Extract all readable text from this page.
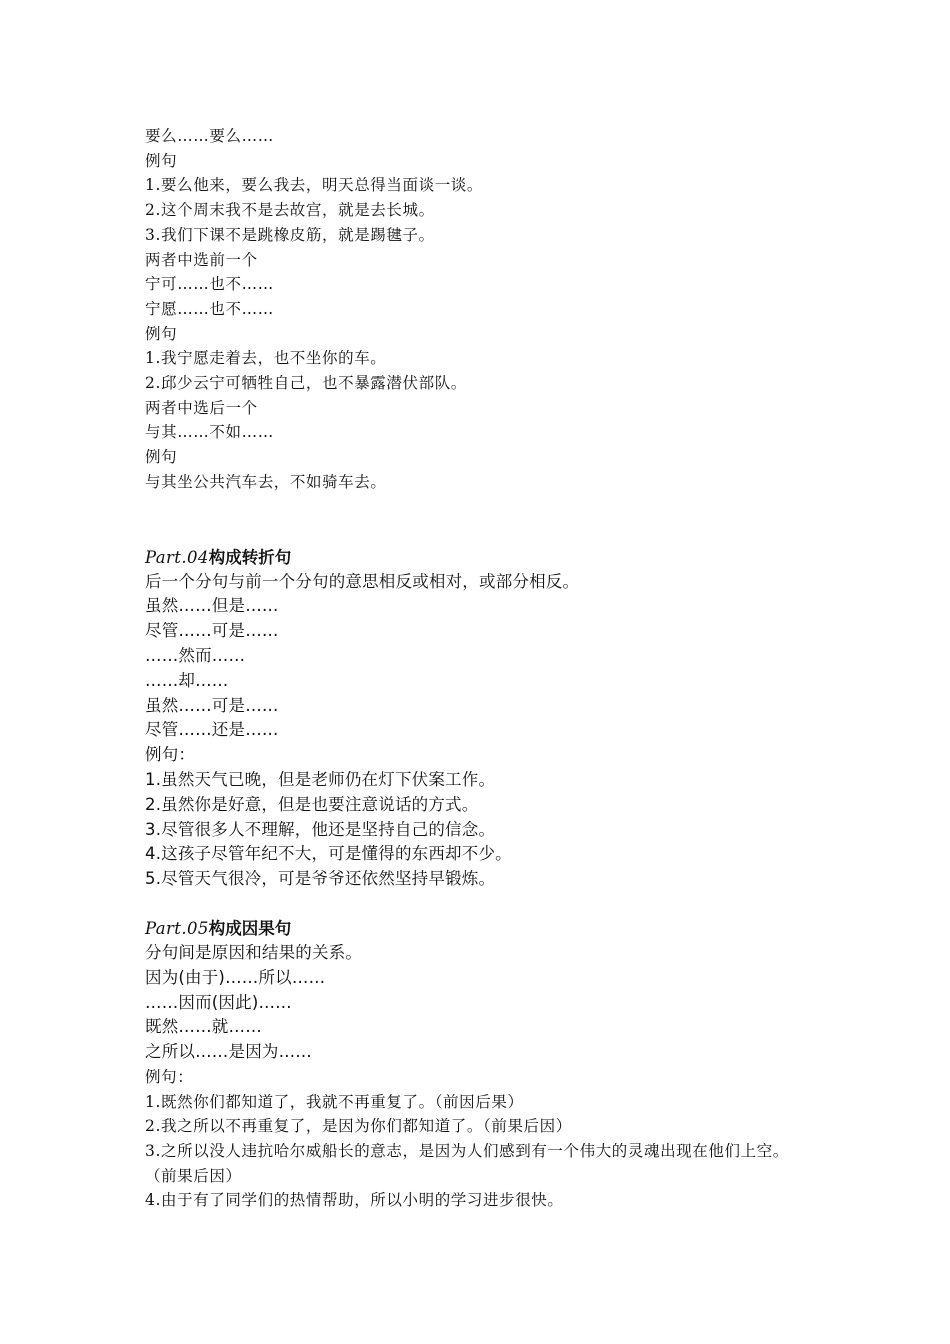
要么……要么……
例句
1.要么他来，要么我去，明天总得当面谈一谈。
2.这个周末我不是去故宫，就是去长城。
3.我们下课不是跳橡皮筋，就是踢毽子。
两者中选前一个
宁可……也不……
宁愿……也不……
例句
1.我宁愿走着去，也不坐你的车。
2.邱少云宁可牺牲自己，也不暴露潜伏部队。
两者中选后一个
与其……不如……
例句
与其坐公共汽车去，不如骑车去。
Part.04构成转折句
后一个分句与前一个分句的意思相反或相对，或部分相反。
虽然……但是……
尽管……可是……
……然而……
……却……
虽然……可是……
尽管……还是……
例句：
1.虽然天气已晚，但是老师仍在灯下伏案工作。
2.虽然你是好意，但是也要注意说话的方式。
3.尽管很多人不理解，他还是坚持自己的信念。
4.这孩子尽管年纪不大，可是懂得的东西却不少。
5.尽管天气很冷，可是爷爷还依然坚持早锻炼。
Part.05构成因果句
分句间是原因和结果的关系。
因为(由于)……所以……
……因而(因此)……
既然……就……
之所以……是因为……
例句：
1.既然你们都知道了，我就不再重复了。（前因后果）
2.我之所以不再重复了，是因为你们都知道了。（前果后因）
3.之所以没人违抗哈尔威船长的意志，是因为人们感到有一个伟大的灵魂出现在他们上空。（前果后因）
4.由于有了同学们的热情帮助，所以小明的学习进步很快。
